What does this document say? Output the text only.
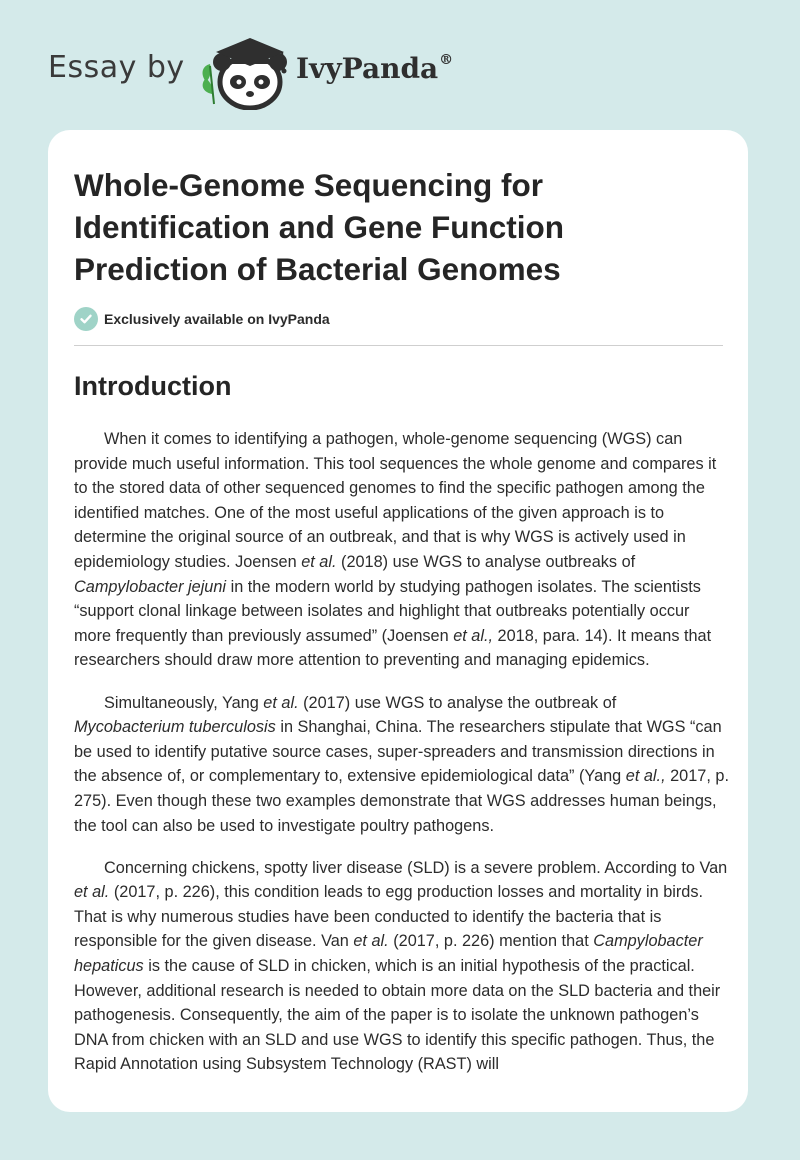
Essay by	IvyPanda®
Whole-Genome Sequencing for Identification and Gene Function Prediction of Bacterial Genomes
Exclusively available on IvyPanda
Introduction

When it comes to identifying a pathogen, whole-genome sequencing (WGS) can provide much useful information. This tool sequences the whole genome and compares it to the stored data of other sequenced genomes to find the specific pathogen among the identified matches. One of the most useful applications of the given approach is to determine the original source of an outbreak, and that is why WGS is actively used in epidemiology studies. Joensen et al. (2018) use WGS to analyse outbreaks of Campylobacter jejuni in the modern world by studying pathogen isolates. The scientists “support clonal linkage between isolates and highlight that outbreaks potentially occur more frequently than previously assumed” (Joensen et al., 2018, para. 14). It means that researchers should draw more attention to preventing and managing epidemics.

Simultaneously, Yang et al. (2017) use WGS to analyse the outbreak of Mycobacterium tuberculosis in Shanghai, China. The researchers stipulate that WGS “can be used to identify putative source cases, super-spreaders and transmission directions in the absence of, or complementary to, extensive epidemiological data” (Yang et al., 2017, p. 275). Even though these two examples demonstrate that WGS addresses human beings, the tool can also be used to investigate poultry pathogens.

Concerning chickens, spotty liver disease (SLD) is a severe problem. According to Van et al. (2017, p. 226), this condition leads to egg production losses and mortality in birds. That is why numerous studies have been conducted to identify the bacteria that is responsible for the given disease. Van et al. (2017, p. 226) mention that Campylobacter hepaticus is the cause of SLD in chicken, which is an initial hypothesis of the practical. However, additional research is needed to obtain more data on the SLD bacteria and their pathogenesis. Consequently, the aim of the paper is to isolate the unknown pathogen’s DNA from chicken with an SLD and use WGS to identify this specific pathogen. Thus, the Rapid Annotation using Subsystem Technology (RAST) will
